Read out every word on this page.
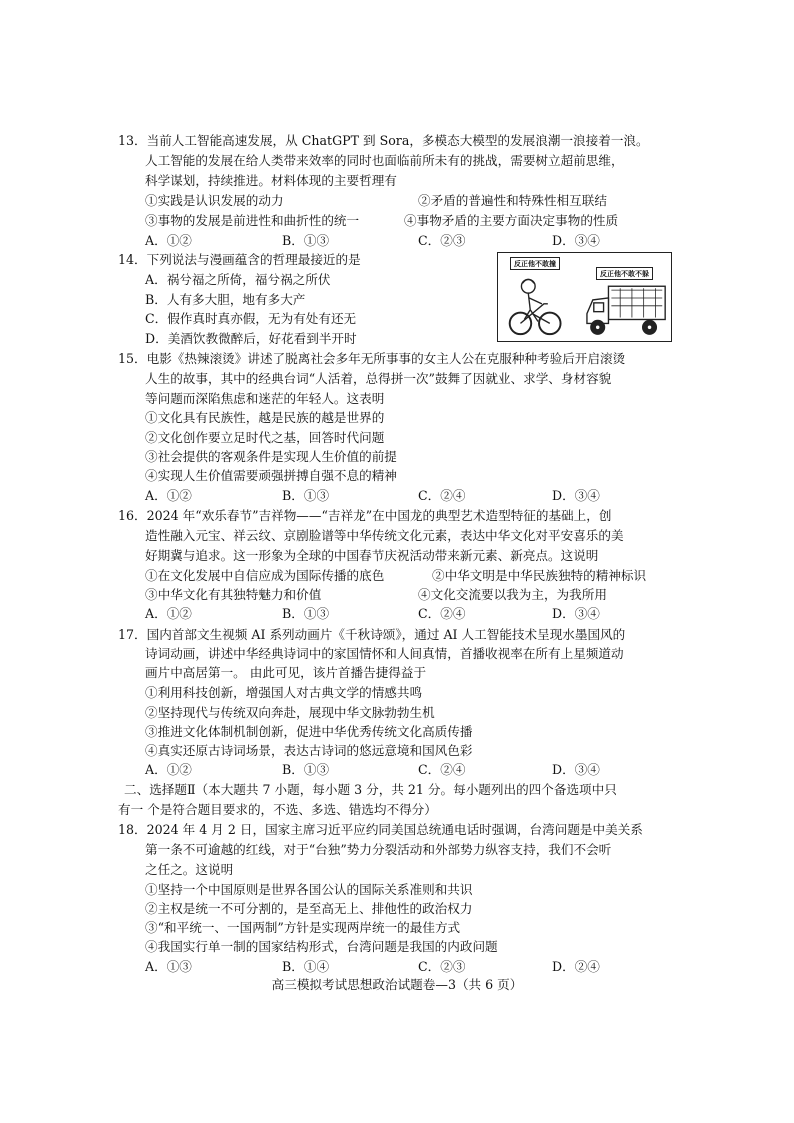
13．当前人工智能高速发展，从 ChatGPT 到 Sora，多模态大模型的发展浪潮一浪接着一浪。
人工智能的发展在给人类带来效率的同时也面临前所未有的挑战，需要树立超前思维，
科学谋划，持续推进。材料体现的主要哲理有
①实践是认识发展的动力	②矛盾的普遍性和特殊性相互联结
③事物的发展是前进性和曲折性的统一	④事物矛盾的主要方面决定事物的性质
A．①②	B．①③	C．②③	D．③④
14．下列说法与漫画蕴含的哲理最接近的是
A．祸兮福之所倚，福兮祸之所伏
B．人有多大胆，地有多大产
C．假作真时真亦假，无为有处有还无
D．美酒饮教微醉后，好花看到半开时
反正他不敢撞
反正他不敢不躲
15．电影《热辣滚烫》讲述了脱离社会多年无所事事的女主人公在克服种种考验后开启滚烫
人生的故事，其中的经典台词“人活着，总得拼一次”鼓舞了因就业、求学、身材容貌
等问题而深陷焦虑和迷茫的年轻人。这表明
①文化具有民族性，越是民族的越是世界的
②文化创作要立足时代之基，回答时代问题
③社会提供的客观条件是实现人生价值的前提
④实现人生价值需要顽强拼搏自强不息的精神
A．①②	B．①③	C．②④	D．③④
16．2024 年“欢乐春节”吉祥物——“吉祥龙”在中国龙的典型艺术造型特征的基础上，创
造性融入元宝、祥云纹、京剧脸谱等中华传统文化元素，表达中华文化对平安喜乐的美
好期冀与追求。这一形象为全球的中国春节庆祝活动带来新元素、新亮点。这说明
①在文化发展中自信应成为国际传播的底色	②中华文明是中华民族独特的精神标识
③中华文化有其独特魅力和价值	④文化交流要以我为主，为我所用
A．①②	B．①③	C．②④	D．③④
17．国内首部文生视频 AI 系列动画片《千秋诗颂》，通过 AI 人工智能技术呈现水墨国风的
诗词动画，讲述中华经典诗词中的家国情怀和人间真情，首播收视率在所有上星频道动
画片中高居第一。 由此可见，该片首播告捷得益于
①利用科技创新，增强国人对古典文学的情感共鸣
②坚持现代与传统双向奔赴，展现中华文脉勃勃生机
③推进文化体制机制创新，促进中华优秀传统文化高质传播
④真实还原古诗词场景，表达古诗词的悠远意境和国风色彩
A．①②	B．①③	C．②④	D．③④
二、选择题Ⅱ（本大题共 7 小题，每小题 3 分，共 21 分。每小题列出的四个备选项中只
有一 个是符合题目要求的，不选、多选、错选均不得分）
18．2024 年 4 月 2 日，国家主席习近平应约同美国总统通电话时强调，台湾问题是中美关系
第一条不可逾越的红线，对于“台独”势力分裂活动和外部势力纵容支持，我们不会听
之任之。这说明
①坚持一个中国原则是世界各国公认的国际关系准则和共识
②主权是统一不可分割的，是至高无上、排他性的政治权力
③“和平统一、一国两制”方针是实现两岸统一的最佳方式
④我国实行单一制的国家结构形式，台湾问题是我国的内政问题
A．①③	B．①④	C．②③	D．②④
高三模拟考试思想政治试题卷—3（共 6 页）
